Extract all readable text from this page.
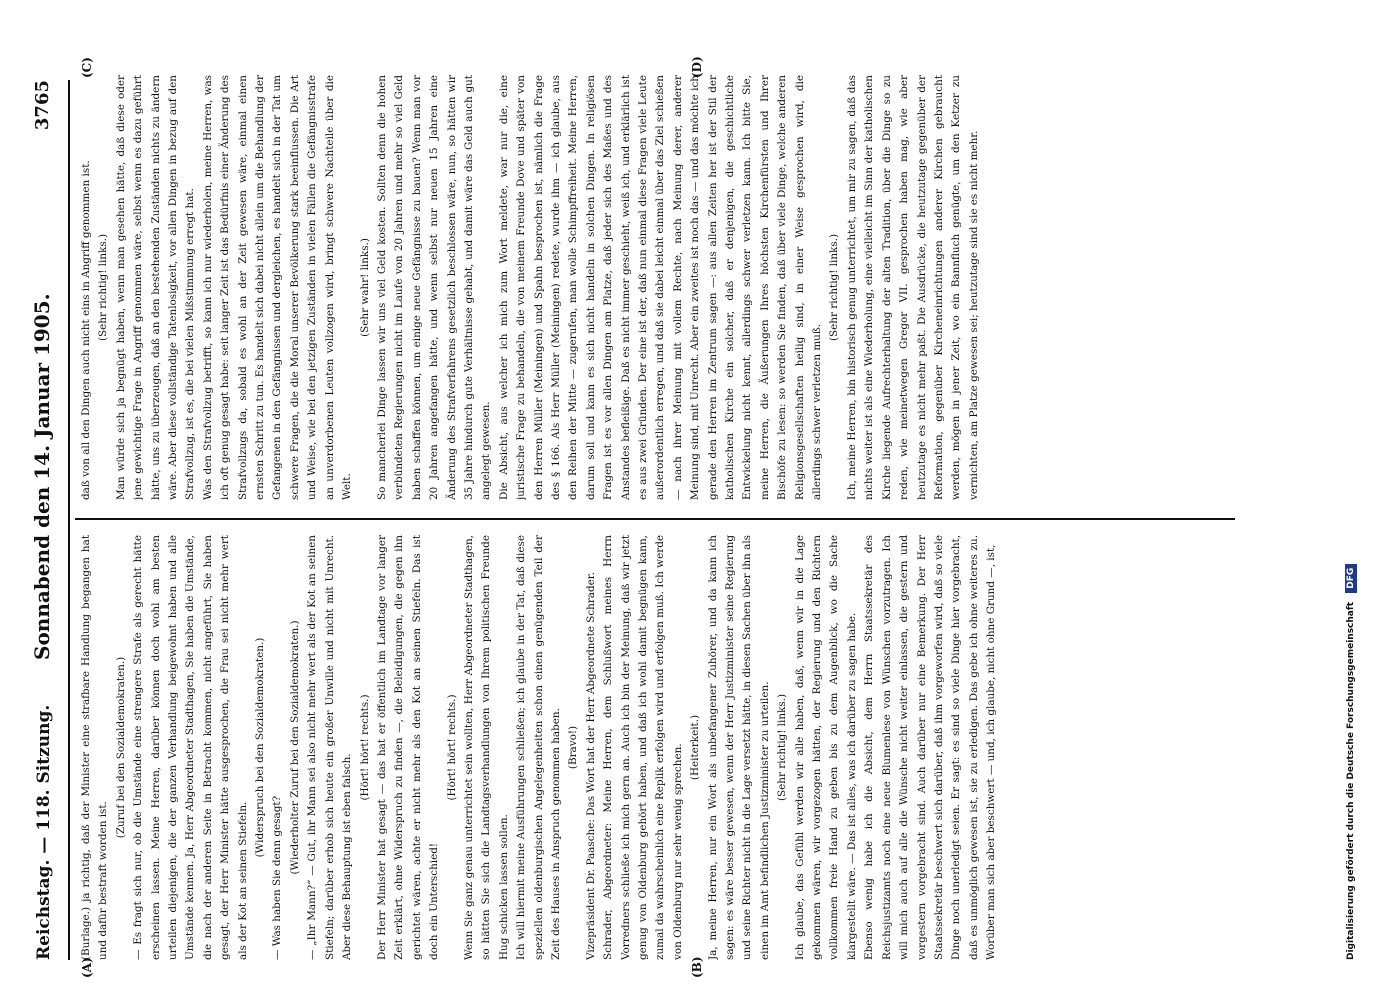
Reichstag. — 118. Sitzung.
Sonnabend den 14. Januar 1905.
3765
(A)	(B)
(C)	(D)

(Burlage.) ja richtig, daß der Minister eine strafbare Handlung begangen hat und dafür bestraft worden ist.

(Zuruf bei den Sozialdemokraten.) — Es fragt sich nur, ob die Umstände eine strengere Strafe als gerecht hätte erscheinen lassen. Meine Herren, darüber können doch wohl am besten urteilen diejenigen, die der ganzen Verhandlung beigewohnt haben und alle Umstände kennen. Ja, Herr Abgeordneter Stadthagen, Sie haben die Umstände, die nach der anderen Seite in Betracht kommen, nicht angeführt, Sie haben gesagt, der Herr Minister hätte ausgesprochen, die Frau sei nicht mehr wert als der Kot an seinen Stiefeln.

(Widerspruch bei den Sozialdemokraten.)

— Was haben Sie denn gesagt?

(Wiederholter Zuruf bei den Sozialdemokraten.) — „Ihr Mann?“ — Gut, ihr Mann sei also nicht mehr wert als der Kot an seinen Stiefeln; darüber erhob sich heute ein großer Unwille und nicht mit Unrecht. Aber diese Behauptung ist eben falsch.

(Hört! hört! rechts.) Der Herr Minister hat gesagt — das hat er öffentlich im Landtage vor langer Zeit erklärt, ohne Widerspruch zu finden —, die Beleidigungen, die gegen ihn gerichtet wären, achte er nicht mehr als den Kot an seinen Stiefeln. Das ist doch ein Unterschied!

(Hört! hört! rechts.) Wenn Sie ganz genau unterrichtet sein wollten, Herr Abgeordneter Stadthagen, so hätten Sie sich die Landtagsverhandlungen von Ihrem politischen Freunde Hug schicken lassen sollen. Ich will hiermit meine Ausführungen schließen; ich glaube in der Tat, daß diese speziellen oldenburgischen Angelegenheiten schon einen genügenden Teil der Zeit des Hauses in Anspruch genommen haben. (Bravo!) Vizepräsident Dr. Paasche: Das Wort hat der Herr Abgeordnete Schrader. Schrader, Abgeordneter: Meine Herren, dem Schlußwort meines Herrn Vorredners schließe ich mich gern an. Auch ich bin der Meinung, daß wir jetzt genug von Oldenburg gehört haben, und daß ich wohl damit begnügen kann, zumal da wahrscheinlich eine Replik erfolgen wird und erfolgen muß. Ich werde von Oldenburg nur sehr wenig sprechen. (Heiterkeit.) Ja, meine Herren, nur ein Wort als unbefangener Zuhörer, und da kann ich sagen: es wäre besser gewesen, wenn der Herr Justizminister seine Regierung und seine Richter nicht in die Lage versetzt hätte, in diesen Sachen über ihn als einen im Amt befindlichen Justizminister zu urteilen. (Sehr richtig! links.) Ich glaube, das Gefühl werden wir alle haben, daß, wenn wir in die Lage gekommen wären, wir vorgezogen hätten, der Regierung und den Richtern vollkommen freie Hand zu geben bis zu dem Augenblick, wo die Sache klargestellt wäre. — Das ist alles, was ich darüber zu sagen habe. Ebenso wenig habe ich die Absicht, dem Herrn Staatssekretär des Reichsjustizamts noch eine neue Blumenlese von Wünschen vorzutragen. Ich will mich auch auf alle die Wünsche nicht weiter einlassen, die gestern und vorgestern vorgebracht sind. Auch darüber nur eine Bemerkung. Der Herr Staatssekretär beschwert sich darüber, daß ihm vorgeworfen wird, daß so viele Dinge noch unerledigt seien. Er sagt: es sind so viele Dinge hier vorgebracht, daß es unmöglich gewesen ist, sie zu erledigen. Das gebe ich ohne weiteres zu. Worüber man sich aber beschwert — und, ich glaube, nicht ohne Grund —, ist,

daß von all den Dingen auch nicht eins in Angriff genommen ist. (Sehr richtig! links.) Man würde sich ja begnügt haben, wenn man gesehen hätte, daß diese oder jene gewichtige Frage in Angriff genommen wäre, selbst wenn es dazu geführt hätte, uns zu überzeugen, daß an den bestehenden Zuständen nichts zu ändern wäre. Aber diese vollständige Tatenlosigkeit, vor allen Dingen in bezug auf den Strafvollzug, ist es, die bei vielen Mißstimmung erregt hat. Was den Strafvollzug betrifft, so kann ich nur wiederholen, meine Herren, was ich oft genug gesagt habe: seit langer Zeit ist das Bedürfnis einer Änderung des Strafvollzugs da, sobald es wohl an der Zeit gewesen wäre, einmal einen ernsten Schritt zu tun. Es handelt sich dabei nicht allein um die Behandlung der Gefangenen in den Gefängnissen und dergleichen, es handelt sich in der Tat um schwere Fragen, die die Moral unserer Bevölkerung stark beeinflussen. Die Art und Weise, wie bei den jetzigen Zuständen in vielen Fällen die Gefängnisstrafe an unverdorbenen Leuten vollzogen wird, bringt schwere Nachteile über die Welt.

(Sehr wahr! links.) So mancherlei Dinge lassen wir uns viel Geld kosten. Sollten denn die hohen verbündeten Regierungen nicht im Laufe von 20 Jahren und mehr so viel Geld haben schaffen können, um einige neue Gefängnisse zu bauen? Wenn man vor 20 Jahren angefangen hätte, und wenn selbst nur neuen 15 Jahren eine Änderung des Strafverfahrens gesetzlich beschlossen wäre, nun, so hätten wir 35 Jahre hindurch gute Verhältnisse gehabt, und damit wäre das Geld auch gut angelegt gewesen. Die Absicht, aus welcher ich mich zum Wort meldete, war nur die, eine juristische Frage zu behandeln, die von meinem Freunde Dove und später von den Herren Müller (Meiningen) und Spahn besprochen ist, nämlich die Frage des § 166. Als Herr Müller (Meiningen) redete, wurde ihm — ich glaube, aus den Reihen der Mitte — zugerufen, man wolle Schimpffreiheit. Meine Herren, darum soll und kann es sich nicht handeln in solchen Dingen. In religiösen Fragen ist es vor allen Dingen am Platze, daß jeder sich des Maßes und des Anstandes befleißige. Daß es nicht immer geschieht, weiß ich, und erklärlich ist es aus zwei Gründen. Der eine ist der, daß nun einmal diese Fragen viele Leute außerordentlich erregen, und daß sie dabei leicht einmal über das Ziel schießen — nach ihrer Meinung mit vollem Rechte, nach Meinung derer, anderer Meinung sind, mit Unrecht. Aber ein zweites ist noch das — und das möchte ich gerade den Herren im Zentrum sagen —: aus allen Zeiten her ist der Stil der katholischen Kirche ein solcher, daß er denjenigen, die geschichtliche Entwickelung nicht kennt, allerdings schwer verletzen kann. Ich bitte Sie, meine Herren, die Äußerungen Ihres höchsten Kirchenfürsten und Ihrer Bischöfe zu lesen: so werden Sie finden, daß über viele Dinge, welche anderen Religionsgesellschaften heilig sind, in einer Weise gesprochen wird, die allerdings schwer verletzen muß.

(Sehr richtig! links.) Ich, meine Herren, bin historisch genug unterrichtet, um mir zu sagen, daß das nichts weiter ist als eine Wiederholung, eine vielleicht im Sinn der katholischen Kirche liegende Aufrechterhaltung der alten Tradition, über die Dinge so zu reden, wie meinetwegen Gregor VII. gesprochen haben mag, wie aber heutzutage es nicht mehr paßt. Die Ausdrücke, die heutzutage gegenüber der Reformation, gegenüber Kircheneinrichtungen anderer Kirchen gebraucht werden, mögen in jener Zeit, wo ein Bannfluch genügte, um den Ketzer zu vernichten, am Platze gewesen sei; heutzutage sind sie es nicht mehr.

Digitalisierung gefördert durch die Deutsche Forschungsgemeinschaft DFG
